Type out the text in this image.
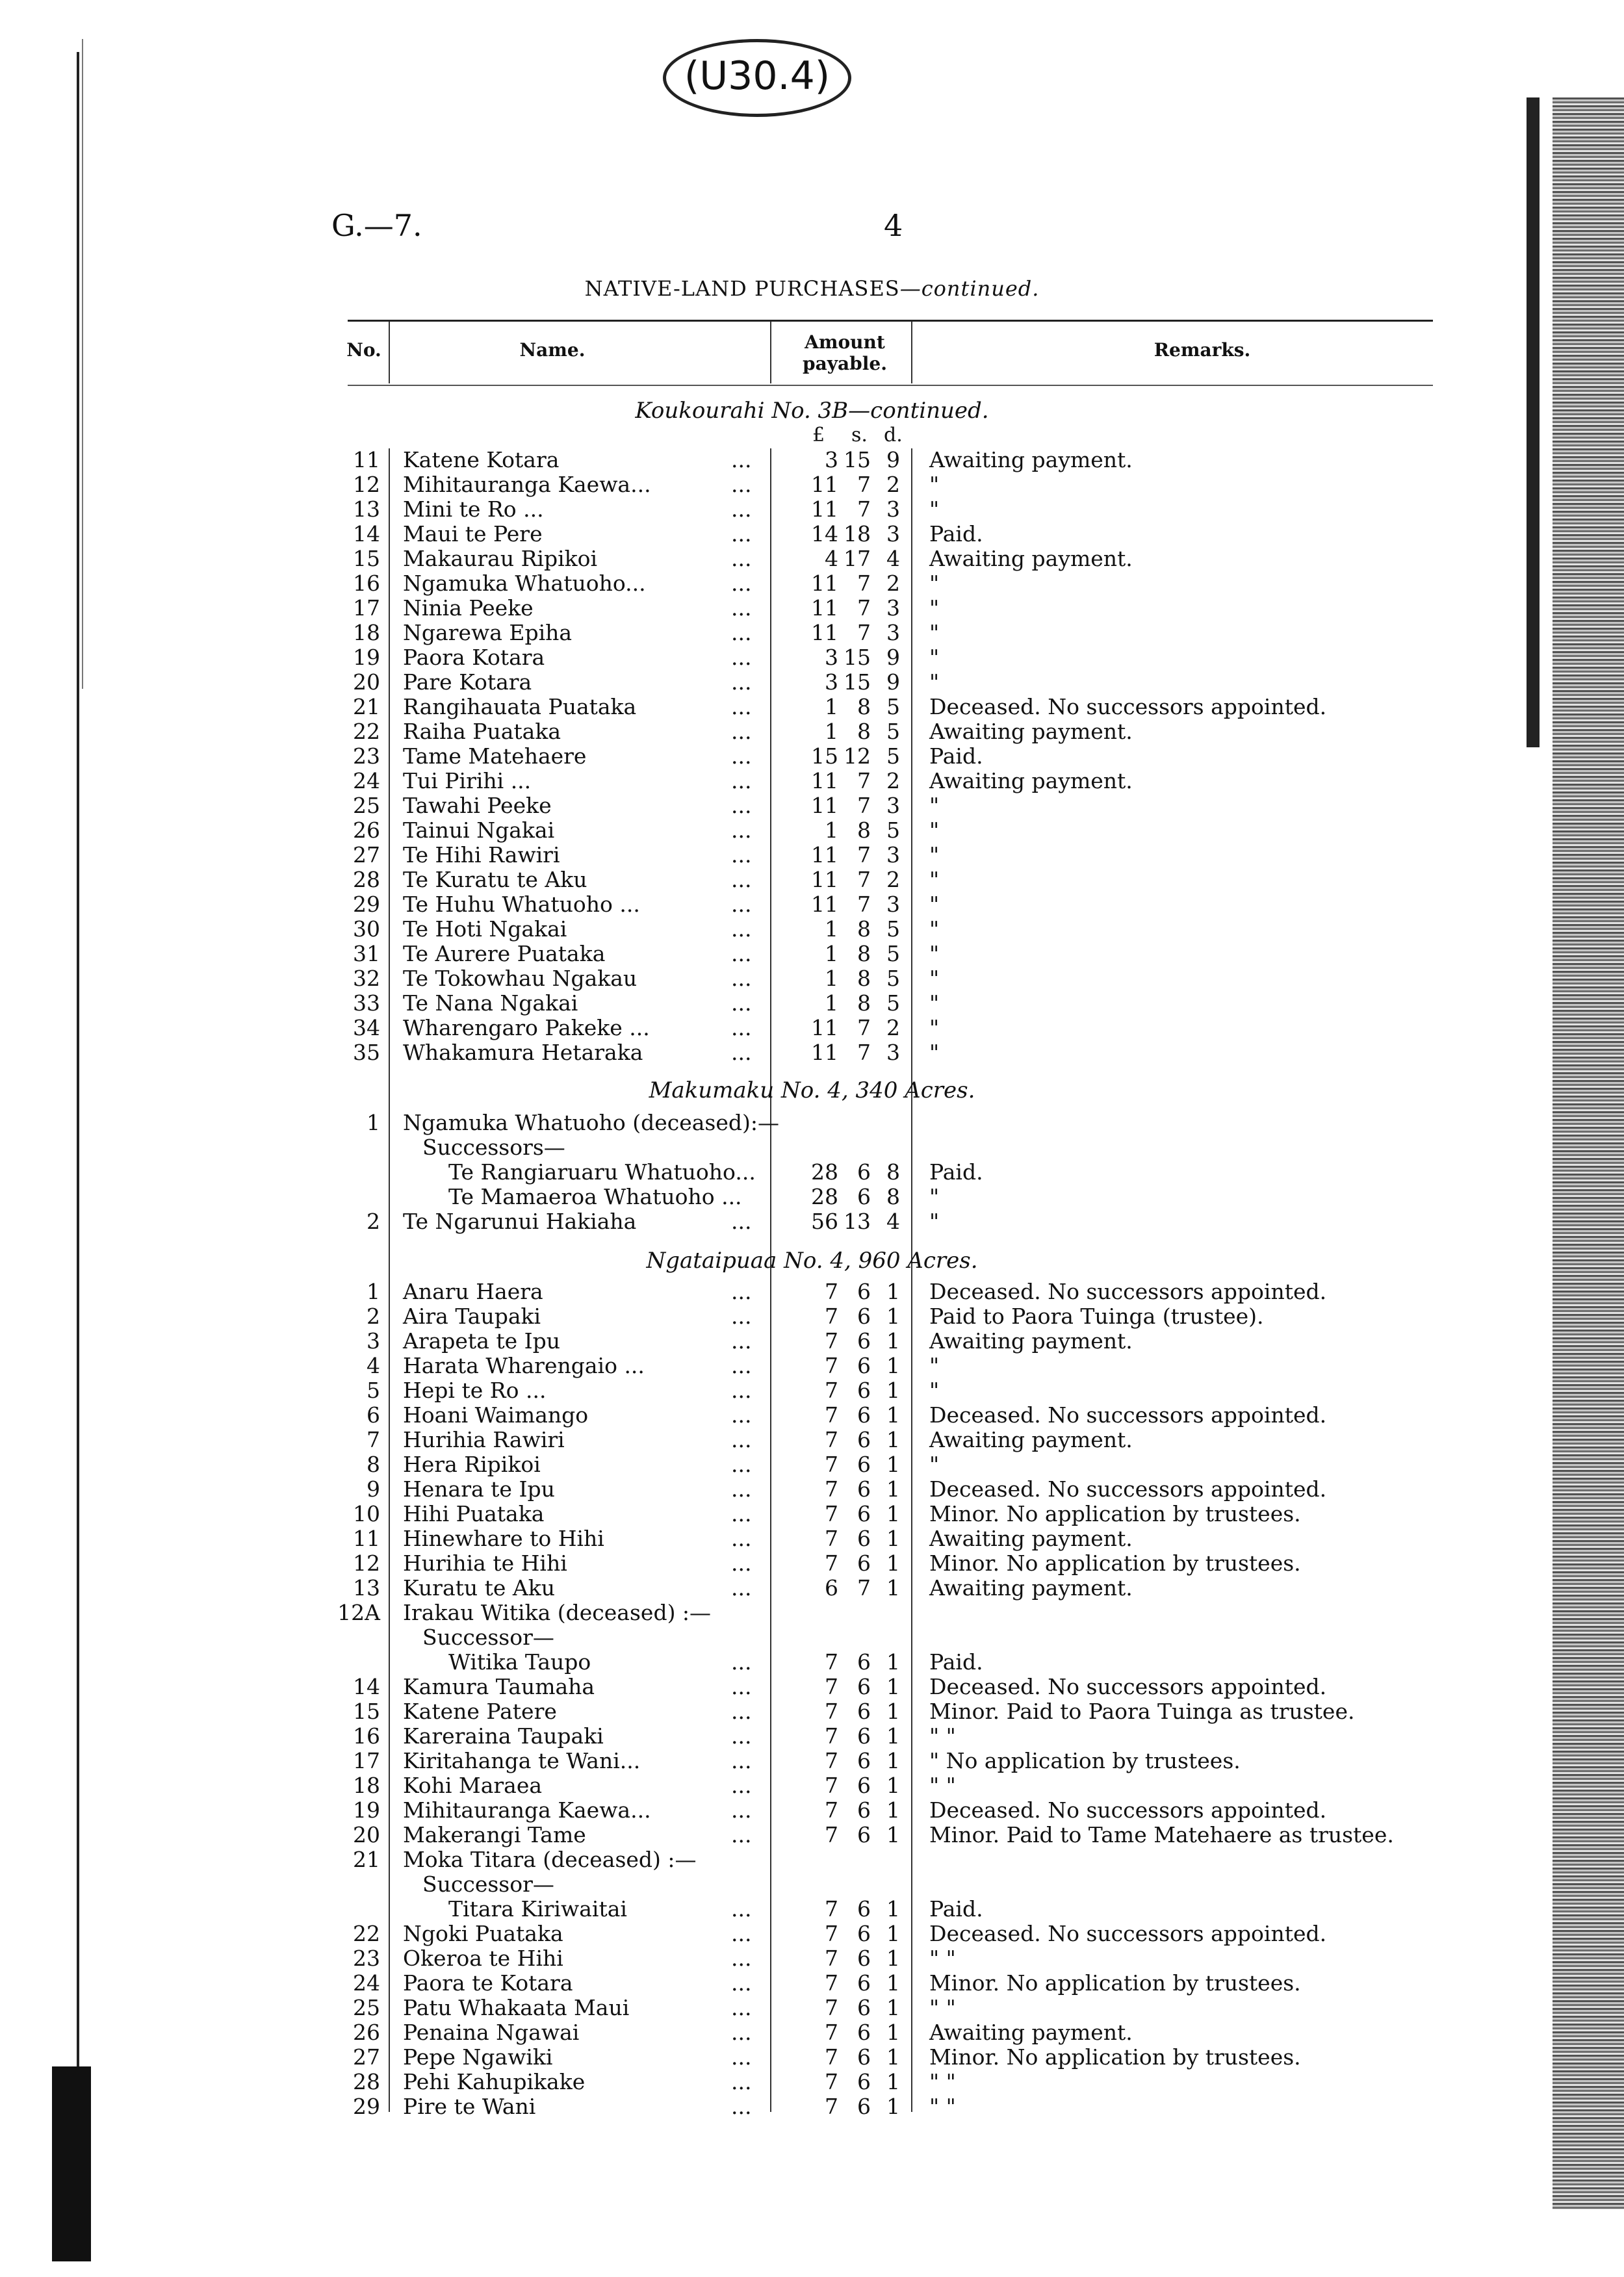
(U30.4)
G.—7.	4
NATIVE-LAND PURCHASES—continued.
No.	Name.	Amount payable.
Remarks.
Koukourahi No. 3B—continued.
£ s. d.
11 Katene Kotara	...	3 15 9 Awaiting payment.
12 Mihitauranga Kaewa...	...	11 7 2 "
13 Mini te Ro ...	...	11 7 3 "
14 Maui te Pere	...	14 18 3 Paid.
15 Makaurau Ripikoi	...	4 17 4 Awaiting payment.
16 Ngamuka Whatuoho...	...	11 7 2 "
17 Ninia Peeke	...	11 7 3 "
18 Ngarewa Epiha	...	11 7 3 "
19 Paora Kotara	...	3 15 9 "
20 Pare Kotara	...	3 15 9 "
21 Rangihauata Puataka	...	1 8 5 Deceased. No successors appointed.
22 Raiha Puataka	...	1 8 5 Awaiting payment.
23 Tame Matehaere	...	15 12 5 Paid.
24 Tui Pirihi ...	...	11 7 2 Awaiting payment.
25 Tawahi Peeke	...	11 7 3 "
26 Tainui Ngakai	...	1 8 5 "
27 Te Hihi Rawiri	...	11 7 3 "
28 Te Kuratu te Aku	...	11 7 2 "
29 Te Huhu Whatuoho ...	...	11 7 3 "
30 Te Hoti Ngakai	...	1 8 5 "
31 Te Aurere Puataka	...	1 8 5 "
32 Te Tokowhau Ngakau	...	1 8 5 "
33 Te Nana Ngakai	...	1 8 5 "
34 Wharengaro Pakeke ...	...	11 7 2 "
35 Whakamura Hetaraka	...	11 7 3 "
Makumaku No. 4, 340 Acres.
1 Ngamuka Whatuoho (deceased):—
Successors—
Te Rangiaruaru Whatuoho...	28 6 8 Paid.
Te Mamaeroa Whatuoho ...	28 6 8 "
2 Te Ngarunui Hakiaha	...	56 13 4 "
Ngataipuaa No. 4, 960 Acres.
1 Anaru Haera	...	7 6 1 Deceased. No successors appointed.
2 Aira Taupaki	...	7 6 1 Paid to Paora Tuinga (trustee).
3 Arapeta te Ipu	...	7 6 1 Awaiting payment.
4 Harata Wharengaio ...	...	7 6 1 "
5 Hepi te Ro ...	...	7 6 1 "
6 Hoani Waimango	...	7 6 1 Deceased. No successors appointed.
7 Hurihia Rawiri	...	7 6 1 Awaiting payment.
8 Hera Ripikoi	...	7 6 1 "
9 Henara te Ipu	...	7 6 1 Deceased. No successors appointed.
10 Hihi Puataka	...	7 6 1 Minor. No application by trustees.
11 Hinewhare to Hihi	...	7 6 1 Awaiting payment.
12 Hurihia te Hihi	...	7 6 1 Minor. No application by trustees.
13 Kuratu te Aku	...	6 7 1 Awaiting payment.
12A Irakau Witika (deceased) :—
Successor—
Witika Taupo	...	7 6 1 Paid.
14 Kamura Taumaha	...	7 6 1 Deceased. No successors appointed.
15 Katene Patere	...	7 6 1 Minor. Paid to Paora Tuinga as trustee.
16 Kareraina Taupaki	...	7 6 1 " "
17 Kiritahanga te Wani...	...	7 6 1 " No application by trustees.
18 Kohi Maraea	...	7 6 1 " "
19 Mihitauranga Kaewa...	...	7 6 1 Deceased. No successors appointed.
20 Makerangi Tame	...	7 6 1 Minor. Paid to Tame Matehaere as trustee.
21 Moka Titara (deceased) :—
Successor—
Titara Kiriwaitai	...	7 6 1 Paid.
22 Ngoki Puataka	...	7 6 1 Deceased. No successors appointed.
23 Okeroa te Hihi	...	7 6 1 " "
24 Paora te Kotara	...	7 6 1 Minor. No application by trustees.
25 Patu Whakaata Maui	...	7 6 1 " "
26 Penaina Ngawai	...	7 6 1 Awaiting payment.
27 Pepe Ngawiki	...	7 6 1 Minor. No application by trustees.
28 Pehi Kahupikake	...	7 6 1 " "
29 Pire te Wani	...	7 6 1 " "
